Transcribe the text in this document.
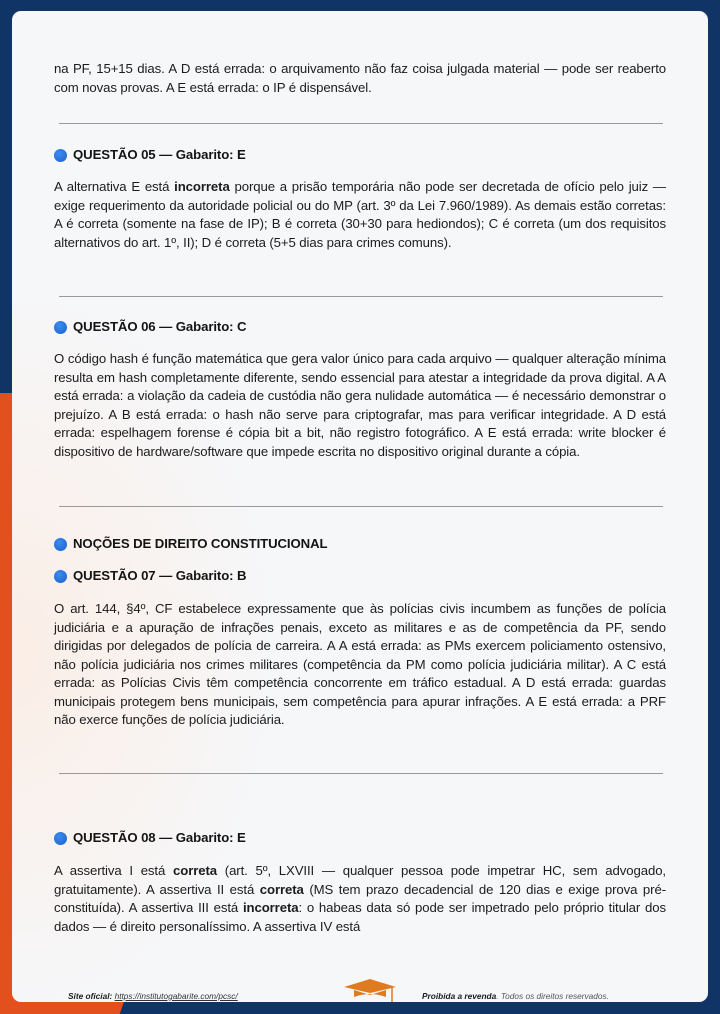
na PF, 15+15 dias. A D está errada: o arquivamento não faz coisa julgada material — pode ser reaberto com novas provas. A E está errada: o IP é dispensável.

QUESTÃO 05 — Gabarito: E

A alternativa E está incorreta porque a prisão temporária não pode ser decretada de ofício pelo juiz — exige requerimento da autoridade policial ou do MP (art. 3º da Lei 7.960/1989). As demais estão corretas: A é correta (somente na fase de IP); B é correta (30+30 para hediondos); C é correta (um dos requisitos alternativos do art. 1º, II); D é correta (5+5 dias para crimes comuns).

QUESTÃO 06 — Gabarito: C

O código hash é função matemática que gera valor único para cada arquivo — qualquer alteração mínima resulta em hash completamente diferente, sendo essencial para atestar a integridade da prova digital. A A está errada: a violação da cadeia de custódia não gera nulidade automática — é necessário demonstrar o prejuízo. A B está errada: o hash não serve para criptografar, mas para verificar integridade. A D está errada: espelhagem forense é cópia bit a bit, não registro fotográfico. A E está errada: write blocker é dispositivo de hardware/software que impede escrita no dispositivo original durante a cópia.

NOÇÕES DE DIREITO CONSTITUCIONAL
QUESTÃO 07 — Gabarito: B

O art. 144, §4º, CF estabelece expressamente que às polícias civis incumbem as funções de polícia judiciária e a apuração de infrações penais, exceto as militares e as de competência da PF, sendo dirigidas por delegados de polícia de carreira. A A está errada: as PMs exercem policiamento ostensivo, não polícia judiciária nos crimes militares (competência da PM como polícia judiciária militar). A C está errada: as Polícias Civis têm competência concorrente em tráfico estadual. A D está errada: guardas municipais protegem bens municipais, sem competência para apurar infrações. A E está errada: a PRF não exerce funções de polícia judiciária.

QUESTÃO 08 — Gabarito: E

A assertiva I está correta (art. 5º, LXVIII — qualquer pessoa pode impetrar HC, sem advogado, gratuitamente). A assertiva II está correta (MS tem prazo decadencial de 120 dias e exige prova pré-constituída). A assertiva III está incorreta: o habeas data só pode ser impetrado pelo próprio titular dos dados — é direito personalíssimo. A assertiva IV está

Site oficial: https://institutogabarite.com/pcsc/	Proibida a revenda. Todos os direitos reservados.
